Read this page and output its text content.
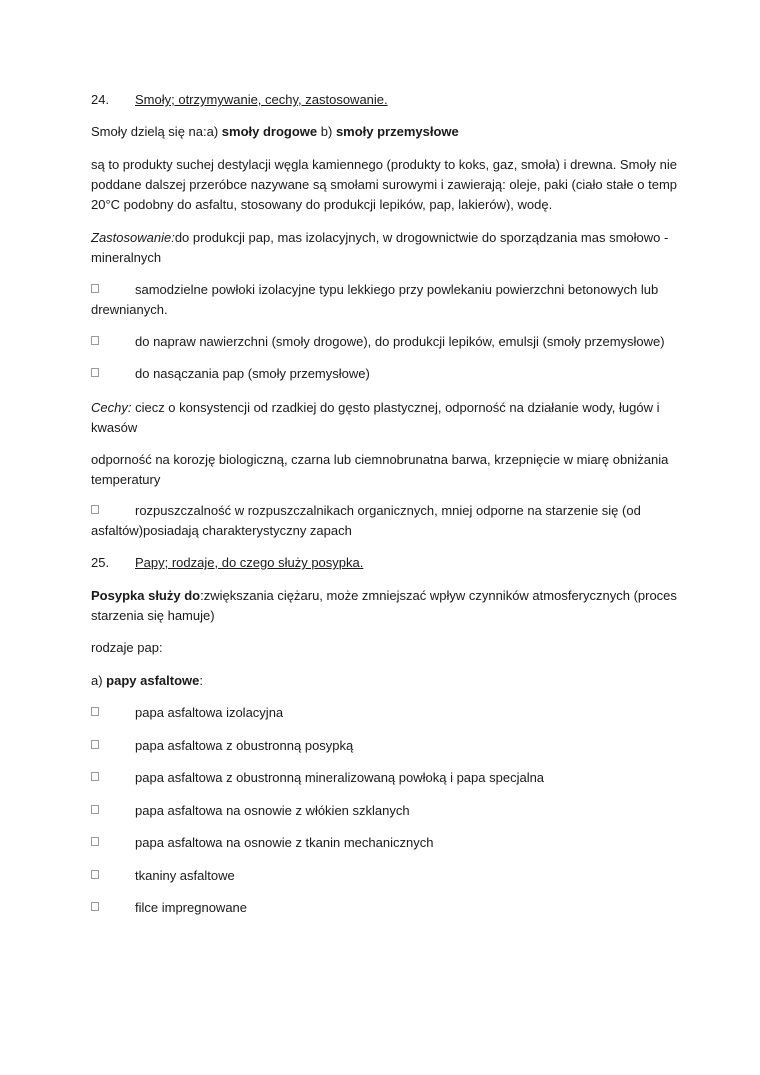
24. Smoły; otrzymywanie, cechy, zastosowanie.
Smoły dzielą się na:a) smoły drogowe b) smoły przemysłowe
są to produkty suchej destylacji węgla kamiennego (produkty to koks, gaz, smoła) i drewna. Smoły nie
poddane dalszej przeróbce nazywane są smołami surowymi i zawierają: oleje, paki (ciało stałe o temp
20°C podobny do asfaltu, stosowany do produkcji lepików, pap, lakierów), wodę.
Zastosowanie:do produkcji pap, mas izolacyjnych, w drogownictwie do sporządzania mas smołowo -
mineralnych
samodzielne powłoki izolacyjne typu lekkiego przy powlekaniu powierzchni betonowych lub
drewnianych.
do napraw nawierzchni (smoły drogowe), do produkcji lepików, emulsji (smoły przemysłowe)
do nasączania pap (smoły przemysłowe)
Cechy: ciecz o konsystencji od rzadkiej do gęsto plastycznej, odporność na działanie wody, ługów i
kwasów
odporność na korozję biologiczną, czarna lub ciemnobrunatna barwa, krzepnięcie w miarę obniżania
temperatury
rozpuszczalność w rozpuszczalnikach organicznych, mniej odporne na starzenie się (od
asfaltów)posiadają charakterystyczny zapach
25. Papy; rodzaje, do czego służy posypka.
Posypka służy do:zwiększania ciężaru, może zmniejszać wpływ czynników atmosferycznych (proces
starzenia się hamuje)
rodzaje pap:
a) papy asfaltowe:
papa asfaltowa izolacyjna
papa asfaltowa z obustronną posypką
papa asfaltowa z obustronną mineralizowaną powłoką i papa specjalna
papa asfaltowa na osnowie z włókien szklanych
papa asfaltowa na osnowie z tkanin mechanicznych
tkaniny asfaltowe
filce impregnowane
